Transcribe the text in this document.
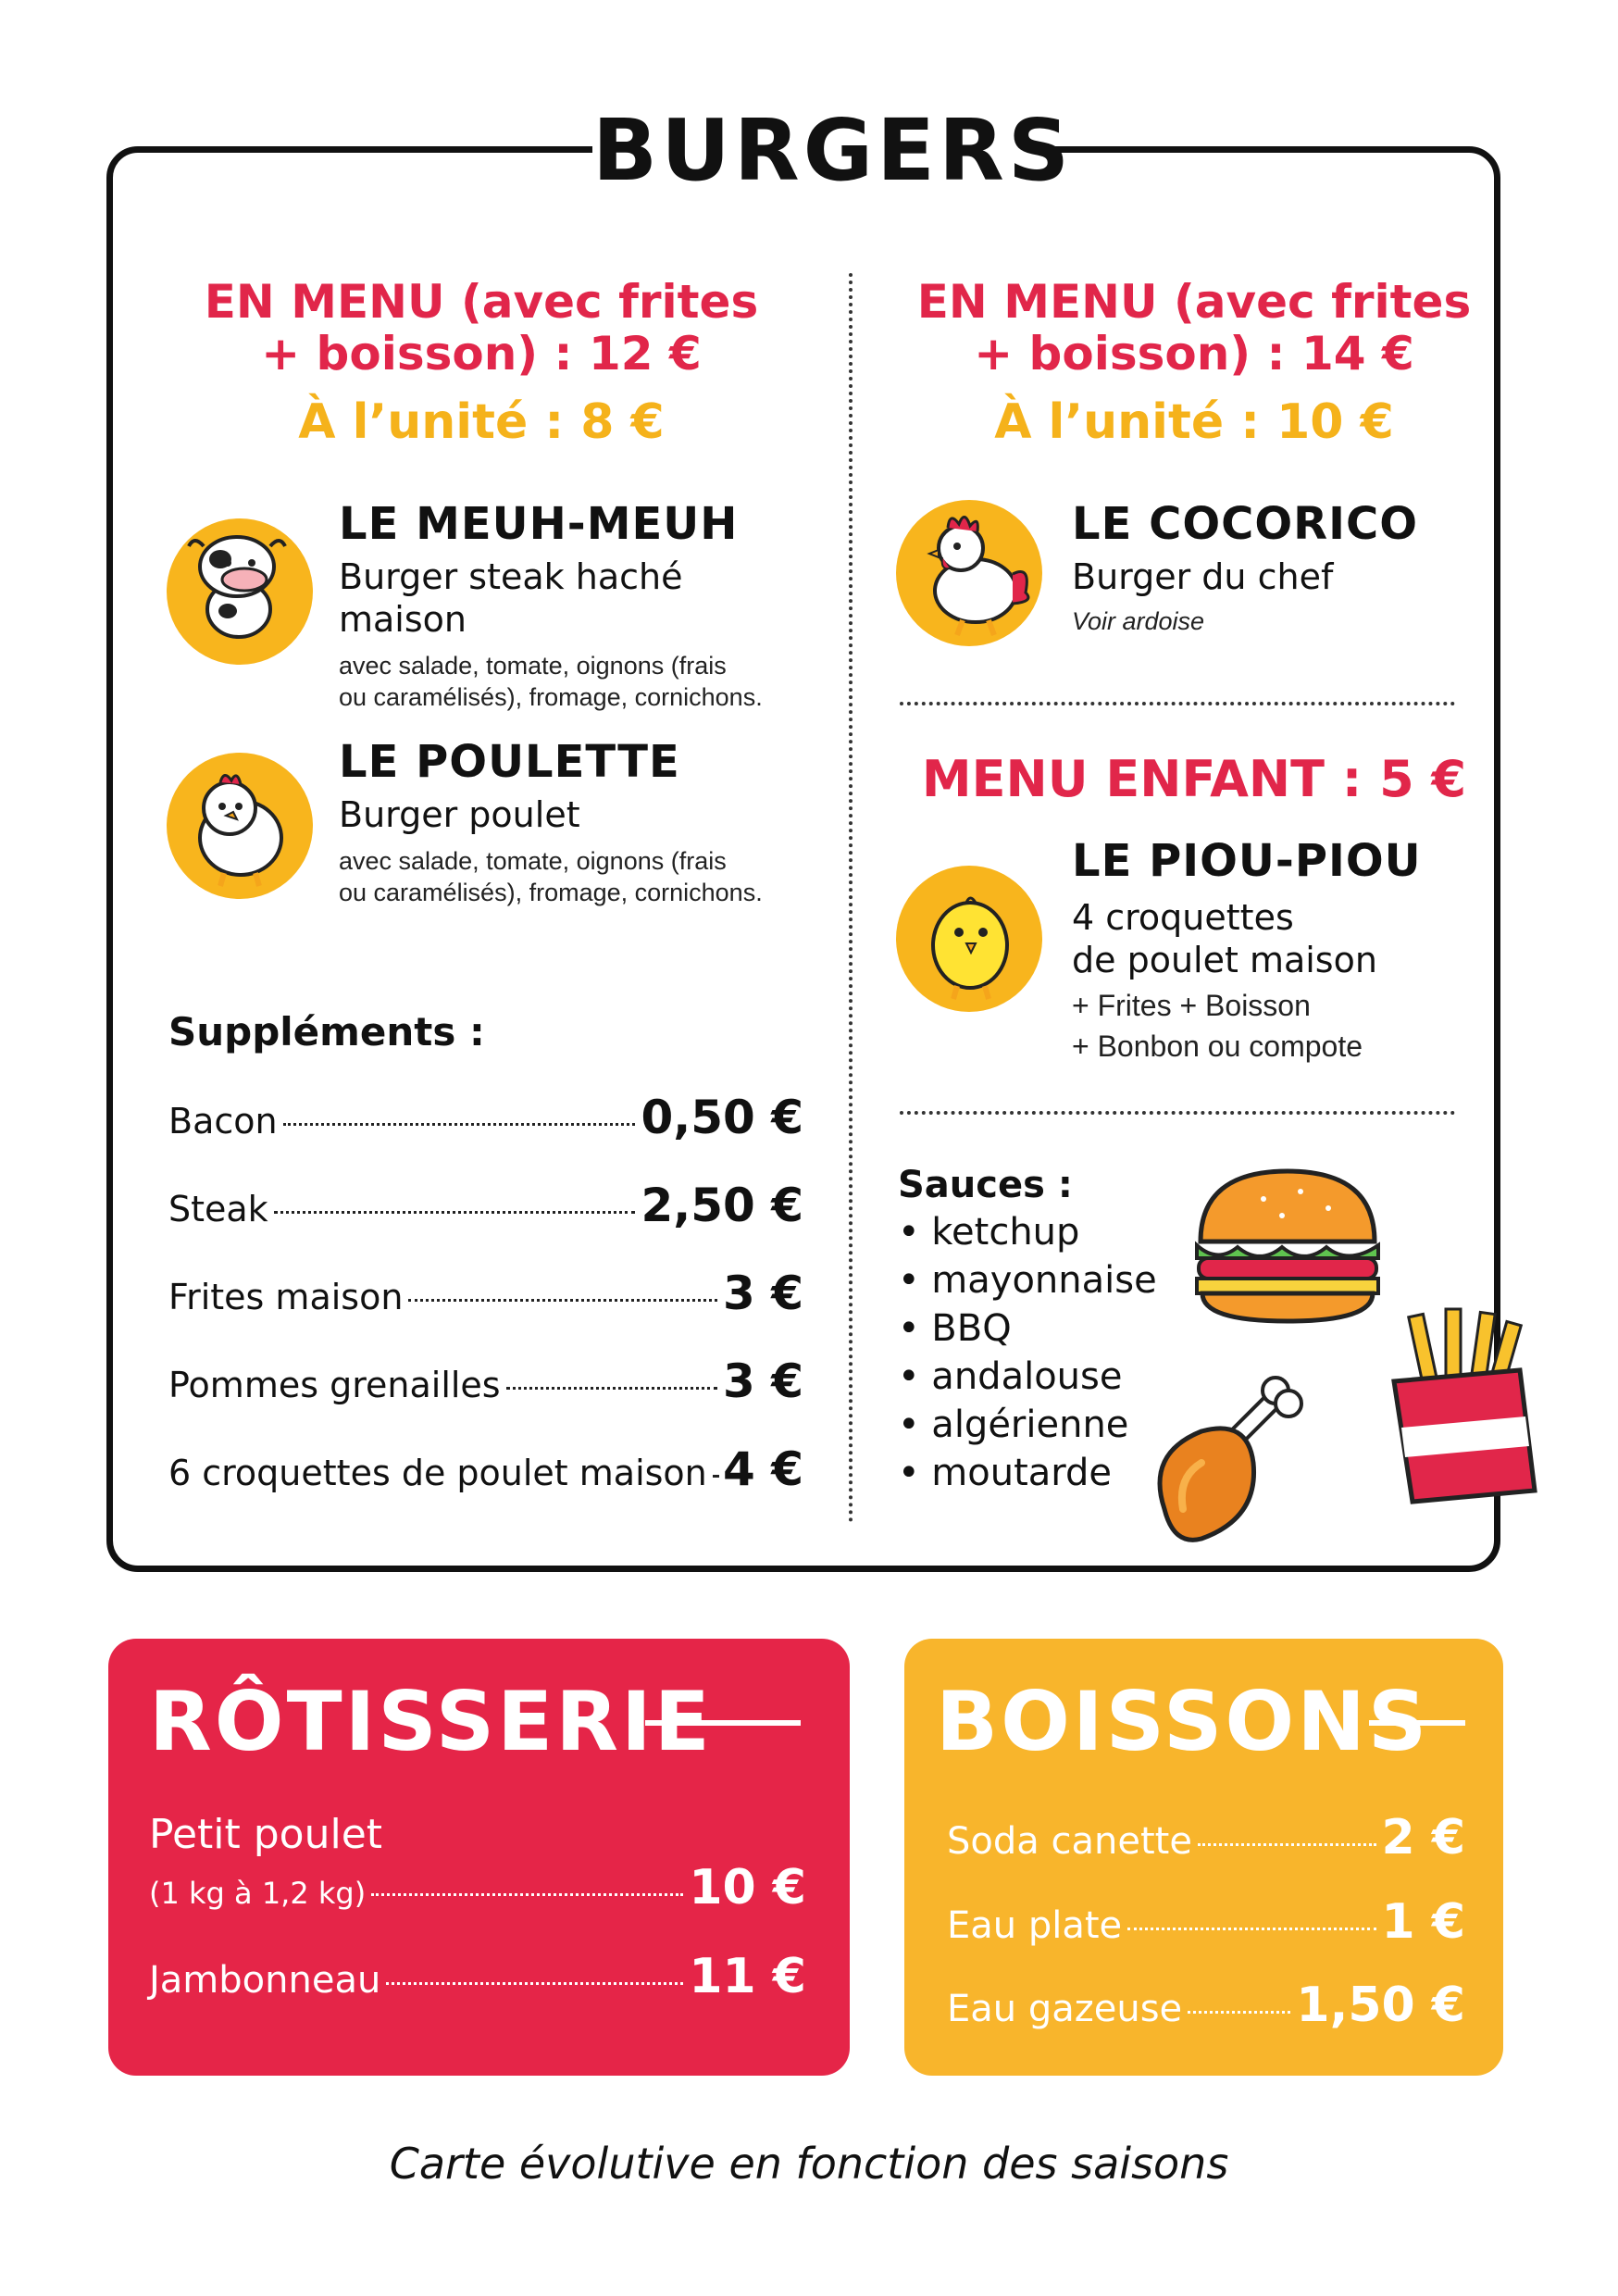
BURGERS
EN MENU (avec frites
+ boisson) : 12 €
À l’unité : 8 €
LE MEUH-MEUH
Burger steak haché maison
avec salade, tomate, oignons (frais
ou caramélisés), fromage, cornichons.
LE POULETTE
Burger poulet
avec salade, tomate, oignons (frais
ou caramélisés), fromage, cornichons.
Suppléments :
Bacon	0,50 €
Steak	2,50 €
Frites maison	3 €
Pommes grenailles	3 €
6 croquettes de poulet maison 4 €
EN MENU (avec frites
+ boisson) : 14 €
À l’unité : 10 €
LE COCORICO
Burger du chef
Voir ardoise
MENU ENFANT : 5 €
LE PIOU-PIOU
4 croquettes
de poulet maison
+ Frites + Boisson
+ Bonbon ou compote
Sauces :
• ketchup
• mayonnaise
• BBQ
• andalouse
• algérienne
• moutarde
RÔTISSERIE
Petit poulet
(1 kg à 1,2 kg)	10 €
Jambonneau	11 €
BOISSONS
Soda canette	2 €
Eau plate	1 €
Eau gazeuse 1,50 €
Carte évolutive en fonction des saisons
